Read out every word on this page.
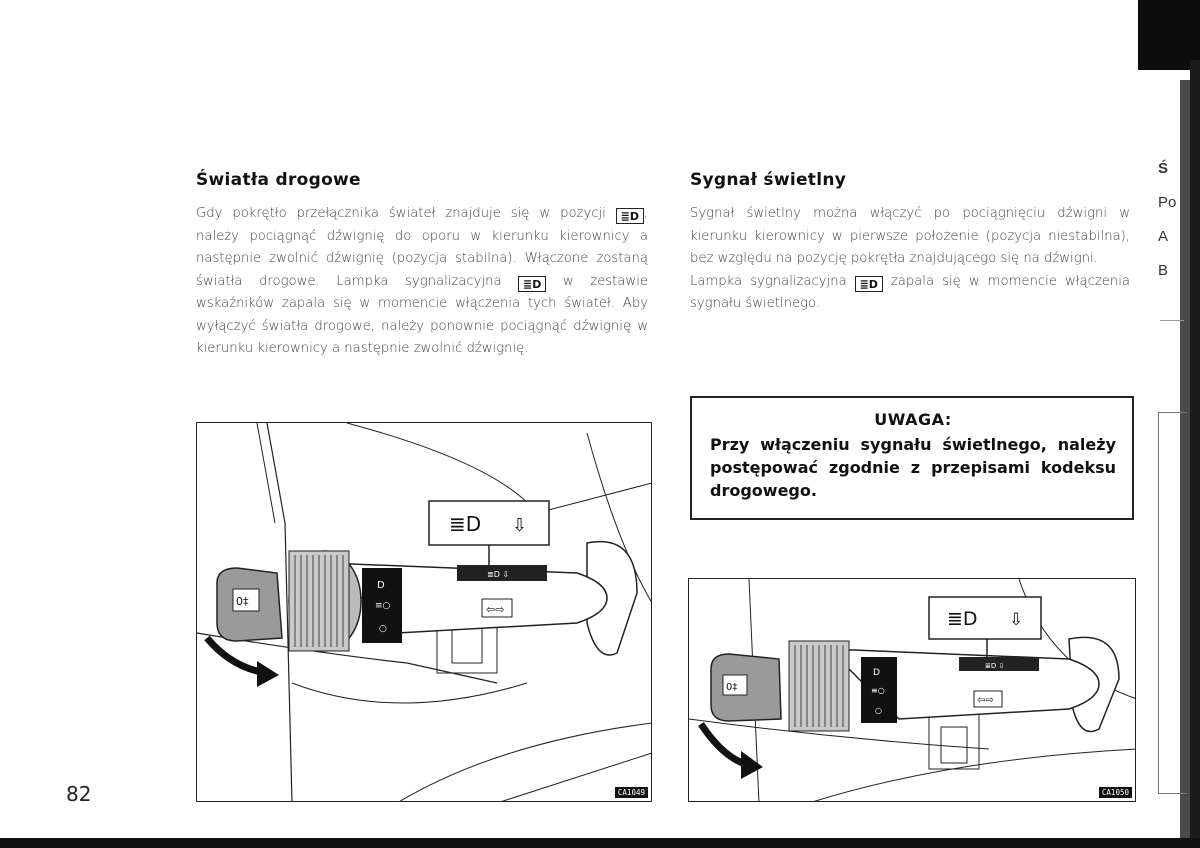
Ś
Po
A
B
Światła drogowe

Gdy pokrętło przełącznika świateł znajduje się w pozycji ≣D , należy pociągnąć dźwignię do oporu w kierunku kierownicy a następnie zwolnić dźwignię (pozycja stabilna). Włączone zostaną światła drogowe. Lampka sygnalizacyjna ≣D w zestawie wskaźników zapala się w momencie włączenia tych świateł. Aby wyłączyć światła drogowe, należy ponownie pociągnąć dźwignię w kierunku kierownicy a następnie zwolnić dźwignię.

≣D ⇩
⇦⇨
D
≡○
○
0‡
≣D ⇩
CA1049
Sygnał świetlny

Sygnał świetlny można włączyć po pociągnięciu dźwigni w kierunku kierownicy w pierwsze położenie (pozycja niestabilna), bez względu na pozycję pokrętła znajdującego się na dźwigni.
Lampka sygnalizacyjna ≣D zapala się w momencie włączenia sygnału świetlnego.

UWAGA:

Przy włączeniu sygnału świetlnego, należy postępować zgodnie z przepisami kodeksu drogowego.

≣D ⇩
⇦⇨
D
≡○
○
0‡
≣D ⇩
CA1050
82
